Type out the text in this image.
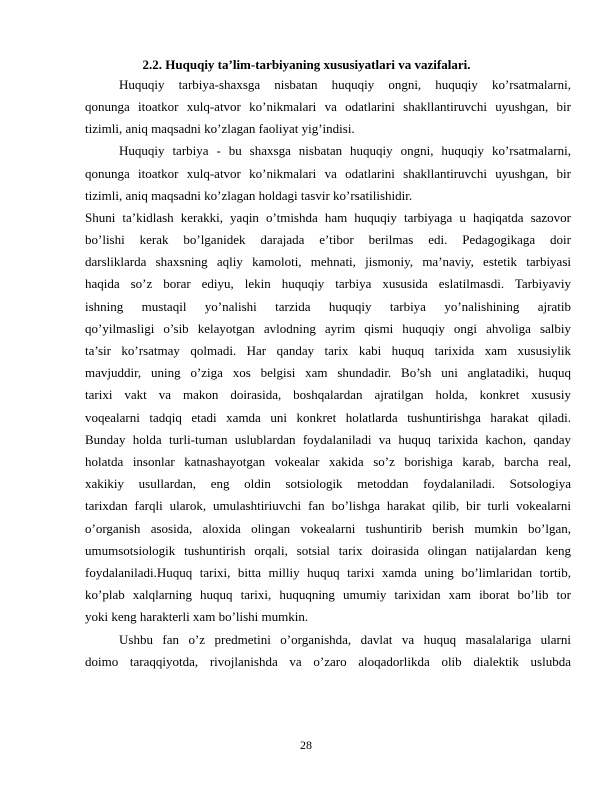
2.2. Huquqiy ta’lim-tarbiyaning xususiyatlari va vazifalari.
Huquqiy tarbiya-shaxsga nisbatan huquqiy ongni, huquqiy ko’rsatmalarni,
qonunga itoatkor xulq-atvor ko’nikmalari va odatlarini shakllantiruvchi uyushgan, bir
tizimli, aniq maqsadni ko’zlagan faoliyat yig’indisi.
Huquqiy tarbiya - bu shaxsga nisbatan huquqiy ongni, huquqiy ko’rsatmalarni,
qonunga itoatkor xulq-atvor ko’nikmalari va odatlarini shakllantiruvchi uyushgan, bir
tizimli, aniq maqsadni ko’zlagan holdagi tasvir ko’rsatilishidir.
Shuni ta’kidlash kerakki, yaqin o’tmishda ham huquqiy tarbiyaga u haqiqatda sazovor
bo’lishi kerak bo’lganidek darajada e’tibor berilmas edi. Pedagogikaga doir
darsliklarda shaxsning aqliy kamoloti, mehnati, jismoniy, ma’naviy, estetik tarbiyasi
haqida so’z borar ediyu, lekin huquqiy tarbiya xususida eslatilmasdi. Tarbiyaviy
ishning mustaqil yo’nalishi tarzida huquqiy tarbiya yo’nalishining ajratib
qo’yilmasligi o’sib kelayotgan avlodning ayrim qismi huquqiy ongi ahvoliga salbiy
ta’sir ko’rsatmay qolmadi. Har qanday tarix kabi huquq tarixida xam xususiylik
mavjuddir, uning o’ziga xos belgisi xam shundadir. Bo’sh uni anglatadiki, huquq
tarixi vakt va makon doirasida, boshqalardan ajratilgan holda, konkret xususiy
voqealarni tadqiq etadi xamda uni konkret holatlarda tushuntirishga harakat qiladi.
Bunday holda turli-tuman uslublardan foydalaniladi va huquq tarixida kachon, qanday
holatda insonlar katnashayotgan vokealar xakida so’z borishiga karab, barcha real,
xakikiy usullardan, eng oldin sotsiologik metoddan foydalaniladi. Sotsologiya
tarixdan farqli ularok, umulashtiriuvchi fan bo’lishga harakat qilib, bir turli vokealarni
o’organish asosida, aloxida olingan vokealarni tushuntirib berish mumkin bo’lgan,
umumsotsiologik tushuntirish orqali, sotsial tarix doirasida olingan natijalardan keng
foydalaniladi.Huquq tarixi, bitta milliy huquq tarixi xamda uning bo’limlaridan tortib,
ko’plab xalqlarning huquq tarixi, huquqning umumiy tarixidan xam iborat bo’lib tor
yoki keng harakterli xam bo’lishi mumkin.
Ushbu fan o’z predmetini o’organishda, davlat va huquq masalalariga ularni
doimo taraqqiyotda, rivojlanishda va o’zaro aloqadorlikda olib dialektik uslubda
28
